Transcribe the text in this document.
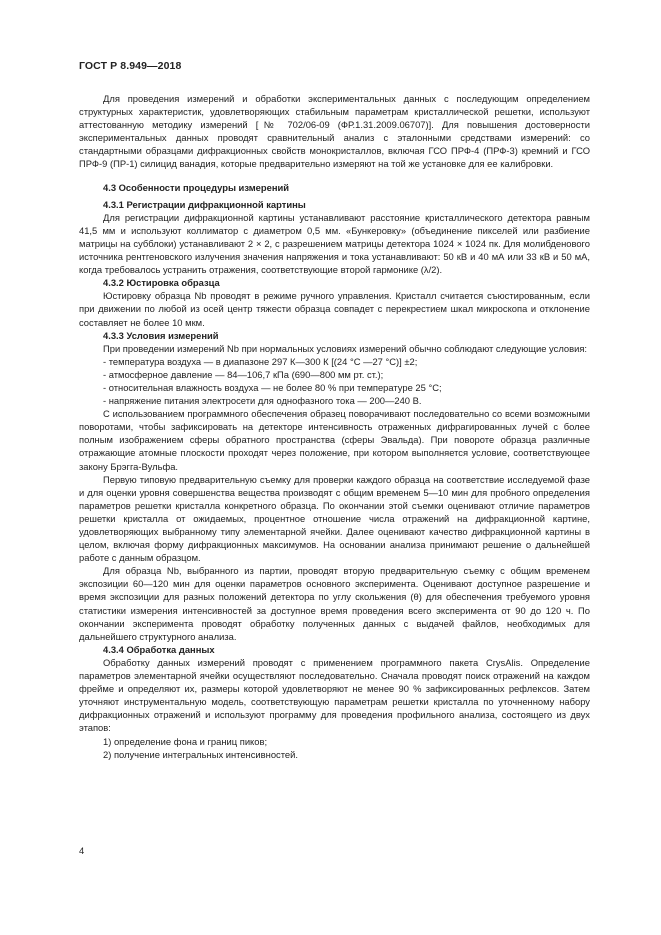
ГОСТ Р 8.949—2018

Для проведения измерений и обработки экспериментальных данных с последующим определением структурных характеристик, удовлетворяющих стабильным параметрам кристаллической решетки, используют аттестованную методику измерений [№ 702/06-09 (ФР.1.31.2009.06707)]. Для повышения достоверности экспериментальных данных проводят сравнительный анализ с эталонными средствами измерений: со стандартными образцами дифракционных свойств монокристаллов, включая ГСО ПРФ-4 (ПРФ-3) кремний и ГСО ПРФ-9 (ПР-1) силицид ванадия, которые предварительно измеряют на той же установке для ее калибровки.

4.3 Особенности процедуры измерений

4.3.1 Регистрации дифракционной картины

Для регистрации дифракционной картины устанавливают расстояние кристаллического детектора равным 41,5 мм и используют коллиматор с диаметром 0,5 мм. «Бункеровку» (объединение пикселей или разбиение матрицы на субблоки) устанавливают 2 × 2, с разрешением матрицы детектора 1024 × 1024 пк. Для молибденового источника рентгеновского излучения значения напряжения и тока устанавливают: 50 кВ и 40 мА или 33 кВ и 50 мА, когда требовалось устранить отражения, соответствующие второй гармонике (λ/2).

4.3.2 Юстировка образца

Юстировку образца Nb проводят в режиме ручного управления. Кристалл считается съюстированным, если при движении по любой из осей центр тяжести образца совпадет с перекрестием шкал микроскопа и отклонение составляет не более 10 мкм.

4.3.3 Условия измерений

При проведении измерений Nb при нормальных условиях измерений обычно соблюдают следующие условия:

- температура воздуха — в диапазоне 297 К—300 К [(24 °С —27 °С)] ±2;

- атмосферное давление — 84—106,7 кПа (690—800 мм рт. ст.);

- относительная влажность воздуха — не более 80 % при температуре 25 °С;

- напряжение питания электросети для однофазного тока — 200—240 В.

С использованием программного обеспечения образец поворачивают последовательно со всеми возможными поворотами, чтобы зафиксировать на детекторе интенсивность отраженных дифрагированных лучей с более полным изображением сферы обратного пространства (сферы Эвальда). При повороте образца различные отражающие атомные плоскости проходят через положение, при котором выполняется условие, соответствующее закону Брэгга-Вульфа.

Первую типовую предварительную съемку для проверки каждого образца на соответствие исследуемой фазе и для оценки уровня совершенства вещества производят с общим временем 5—10 мин для пробного определения параметров решетки кристалла конкретного образца. По окончании этой съемки оценивают отличие параметров решетки кристалла от ожидаемых, процентное отношение числа отражений на дифракционной картине, удовлетворяющих выбранному типу элементарной ячейки. Далее оценивают качество дифракционной картины в целом, включая форму дифракционных максимумов. На основании анализа принимают решение о дальнейшей работе с данным образцом.

Для образца Nb, выбранного из партии, проводят вторую предварительную съемку с общим временем экспозиции 60—120 мин для оценки параметров основного эксперимента. Оценивают доступное разрешение и время экспозиции для разных положений детектора по углу скольжения (θ) для обеспечения требуемого уровня статистики измерения интенсивностей за доступное время проведения всего эксперимента от 90 до 120 ч. По окончании эксперимента проводят обработку полученных данных с выдачей файлов, необходимых для дальнейшего структурного анализа.

4.3.4 Обработка данных

Обработку данных измерений проводят с применением программного пакета CrysAlis. Определение параметров элементарной ячейки осуществляют последовательно. Сначала проводят поиск отражений на каждом фрейме и определяют их, размеры которой удовлетворяют не менее 90 % зафиксированных рефлексов. Затем уточняют инструментальную модель, соответствующую параметрам решетки кристалла по уточненному набору дифракционных отражений и используют программу для проведения профильного анализа, состоящего из двух этапов:

1) определение фона и границ пиков;

2) получение интегральных интенсивностей.

4
